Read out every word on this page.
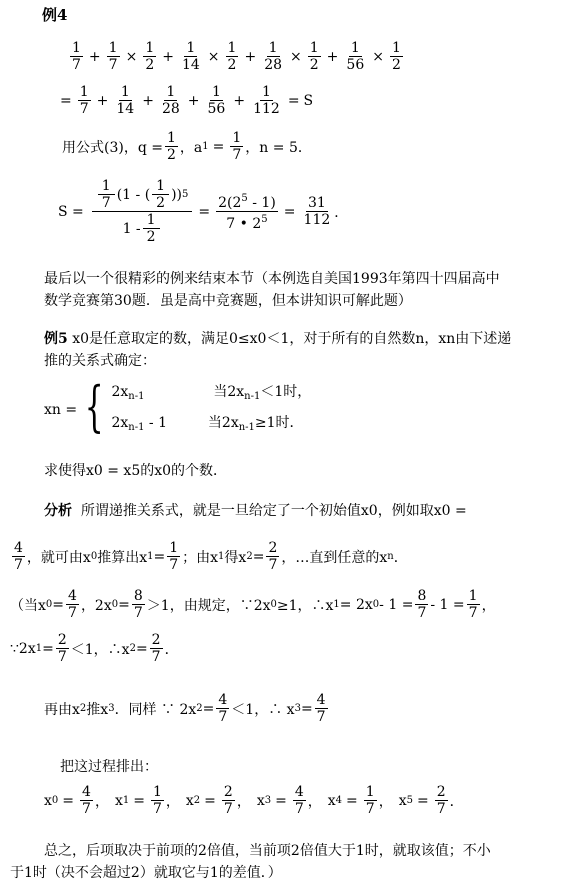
例4
$\frac{1}{7} + \frac{1}{7} \times \frac{1}{2} + \frac{1}{14} \times \frac{1}{2} + \frac{1}{28} \times \frac{1}{2} + \frac{1}{56} \times \frac{1}{2}$
= $\frac{1}{7} + \frac{1}{14} + \frac{1}{28} + \frac{1}{56} + \frac{1}{112} = S$
用公式(3)，$q = \frac{1}{2}$ ，a $1 = \frac{1}{7}$ ，n = 5．
$S = \frac{\frac{1}{7} (1 - ( \frac{1}{2} )) 5}{1 - \frac{1}{2}} = \frac{2(2^5 - 1)}{7 • 2^5} = \frac{31}{112}$ ．
最后以一个很精彩的例来结束本节（本例选自美国1993年第四十四届高中
数学竞赛第30题．虽是高中竞赛题，但本讲知识可解此题）
例5 x0是任意取定的数，满足0≤x0＜1，对于所有的自然数n，xn由下述递
推的关系式确定：
xn = { $2x_{n-1}$	当$2x_{n-1}<1$时，
$2x_{n-1} - 1$	当$2x_{n-1}\ge 1$时．
求使得x0 = x5的x0的个数．
分析 所谓递推关系式，就是一旦给定了一个初始值x0，例如取x0 =
$\frac{4}{7}$ ，就可由x 0 推算出x $1 = \frac{1}{7}$ ；由x 1 得x $2 = \frac{2}{7}$ ，…直到任意的x n ．
（当x $0 = \frac{4}{7}$ ，2x $0 = \frac{8}{7} >1$，由规定，∵2x 0 ≥1，∴x 1 = 2x $0 - 1 = \frac{8}{7} - 1 = \frac{1}{7}$ ，
∵2x $1 = \frac{2}{7} <1$，∴x $2 = \frac{2}{7}$ ．
再由x 2 推x 3 ．同样 ∵ 2x $2 = \frac{4}{7} <1$，∴ x $3 = \frac{4}{7}$
把这过程排出：
x $0 = \frac{4}{7}$ ， x $1 = \frac{1}{7}$ ， x $2 = \frac{2}{7}$ ， x $3 = \frac{4}{7}$ ， x $4 = \frac{1}{7}$ ， x $5 = \frac{2}{7}$ ．
总之，后项取决于前项的2倍值，当前项2倍值大于1时，就取该值；不小
于1时（决不会超过2）就取它与1的差值．）
